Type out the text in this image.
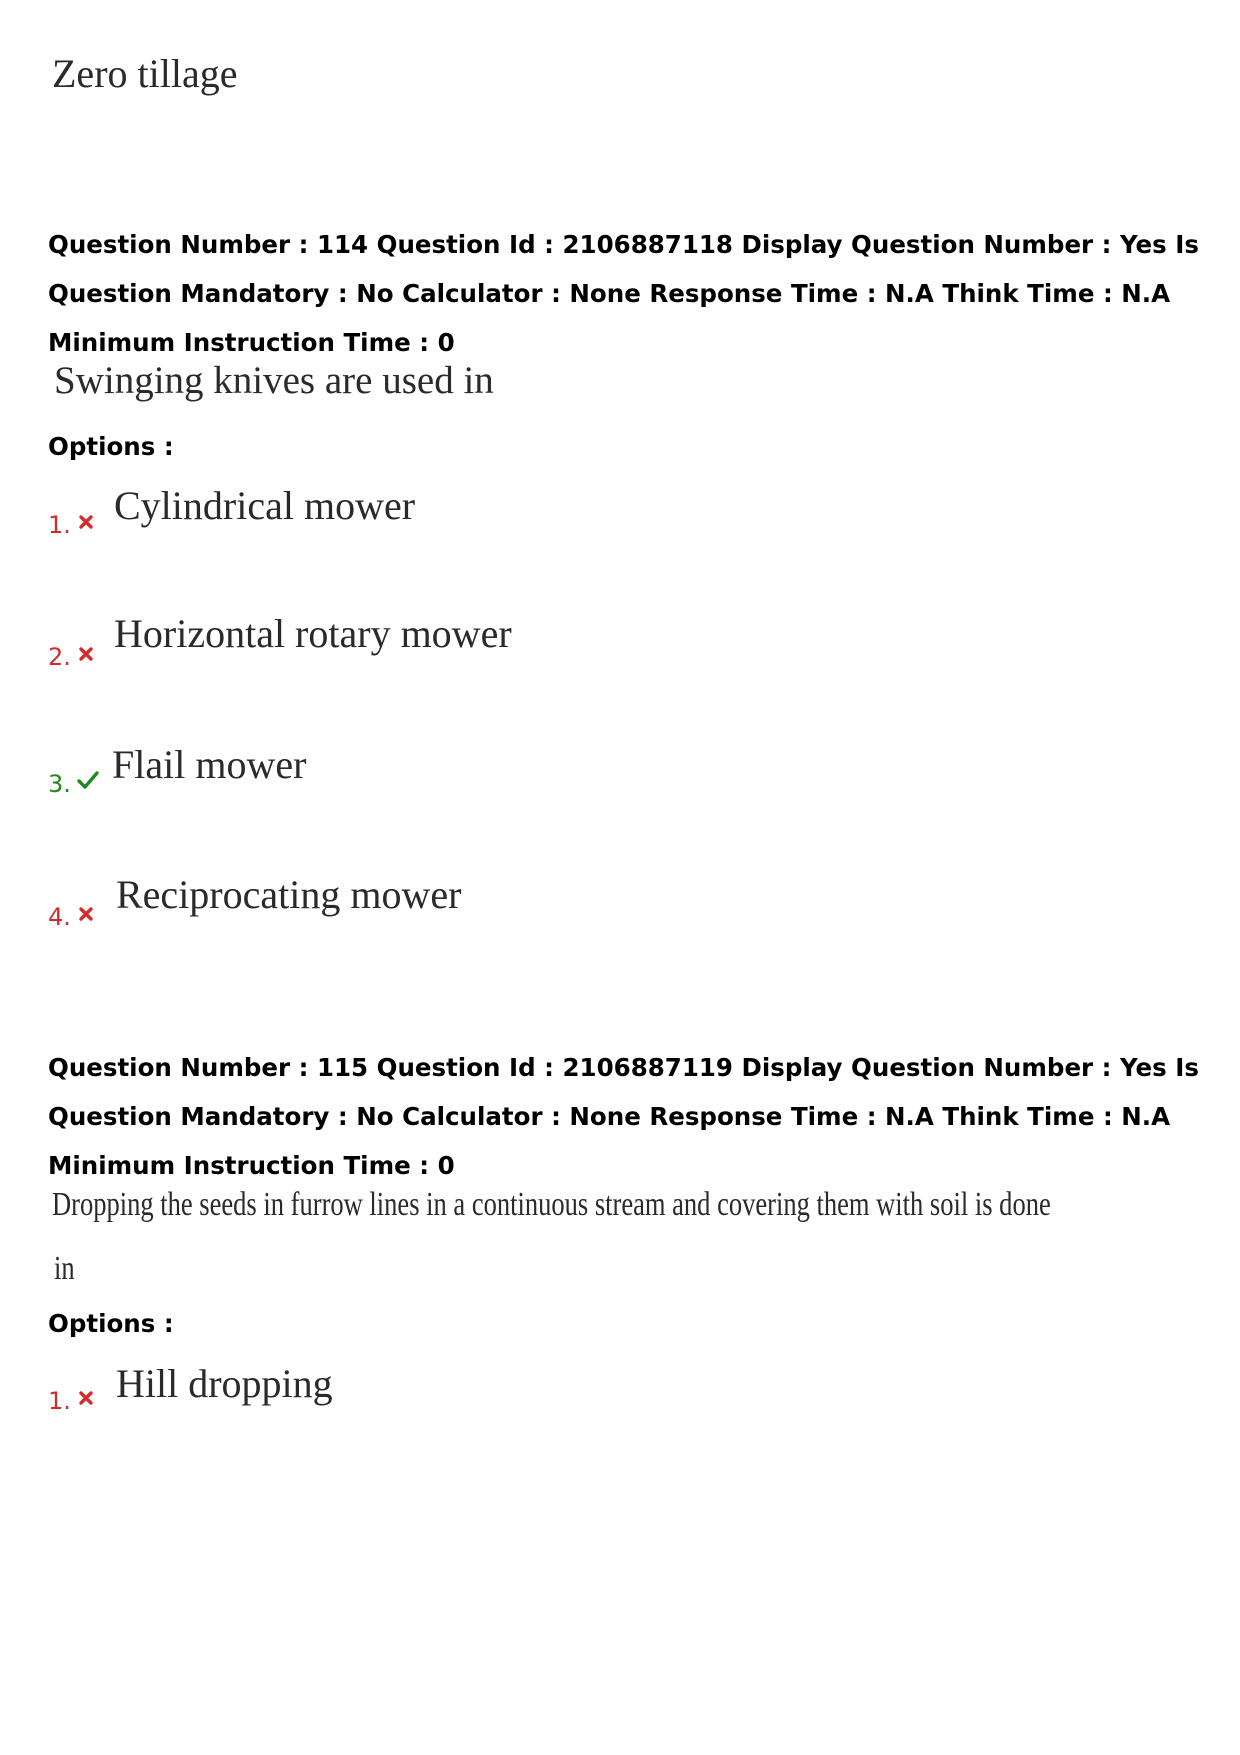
Zero tillage

Question Number : 114 Question Id : 2106887118 Display Question Number : Yes Is Question Mandatory : No Calculator : None Response Time : N.A Think Time : N.A Minimum Instruction Time : 0

Swinging knives are used in
Options :
1. Cylindrical mower
2.
Horizontal rotary mower
3. Flail mower
4. Reciprocating mower

Question Number : 115 Question Id : 2106887119 Display Question Number : Yes Is Question Mandatory : No Calculator : None Response Time : N.A Think Time : N.A Minimum Instruction Time : 0

Dropping the seeds in furrow lines in a continuous stream and covering them with soil is done
in
Options :
1. Hill dropping
